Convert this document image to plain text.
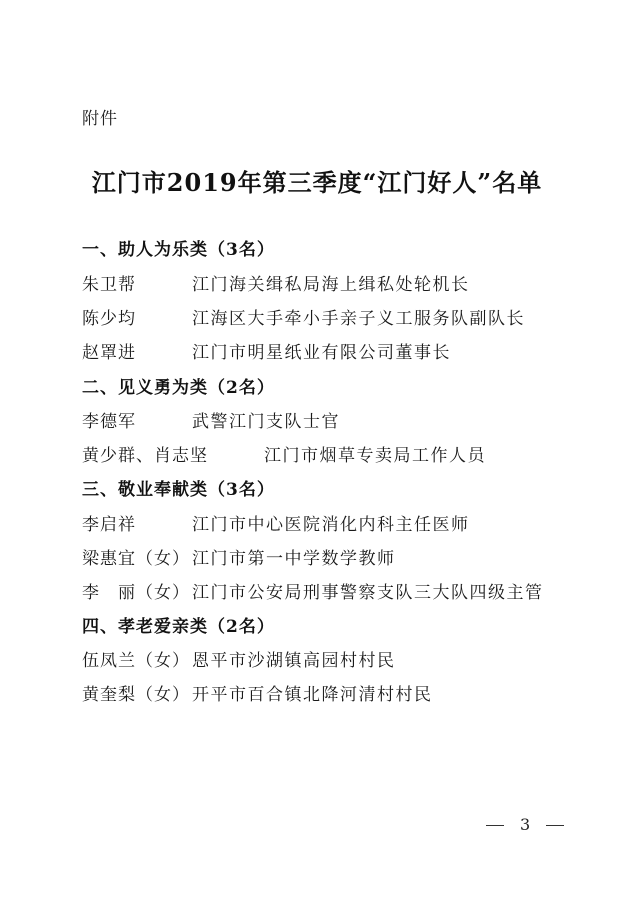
附件
江门市2019年第三季度“江门好人”名单
一、助人为乐类（3名）
朱卫帮	江门海关缉私局海上缉私处轮机长
陈少均	江海区大手牵小手亲子义工服务队副队长
赵罩进	江门市明星纸业有限公司董事长
二、见义勇为类（2名）
李德军	武警江门支队士官
黄少群、肖志坚	江门市烟草专卖局工作人员
三、敬业奉献类（3名）
李启祥	江门市中心医院消化内科主任医师
梁惠宜（女） 江门市第一中学数学教师
李　丽（女） 江门市公安局刑事警察支队三大队四级主管
四、孝老爱亲类（2名）
伍凤兰（女） 恩平市沙湖镇高园村村民
黄奎梨（女） 开平市百合镇北降河清村村民
3
